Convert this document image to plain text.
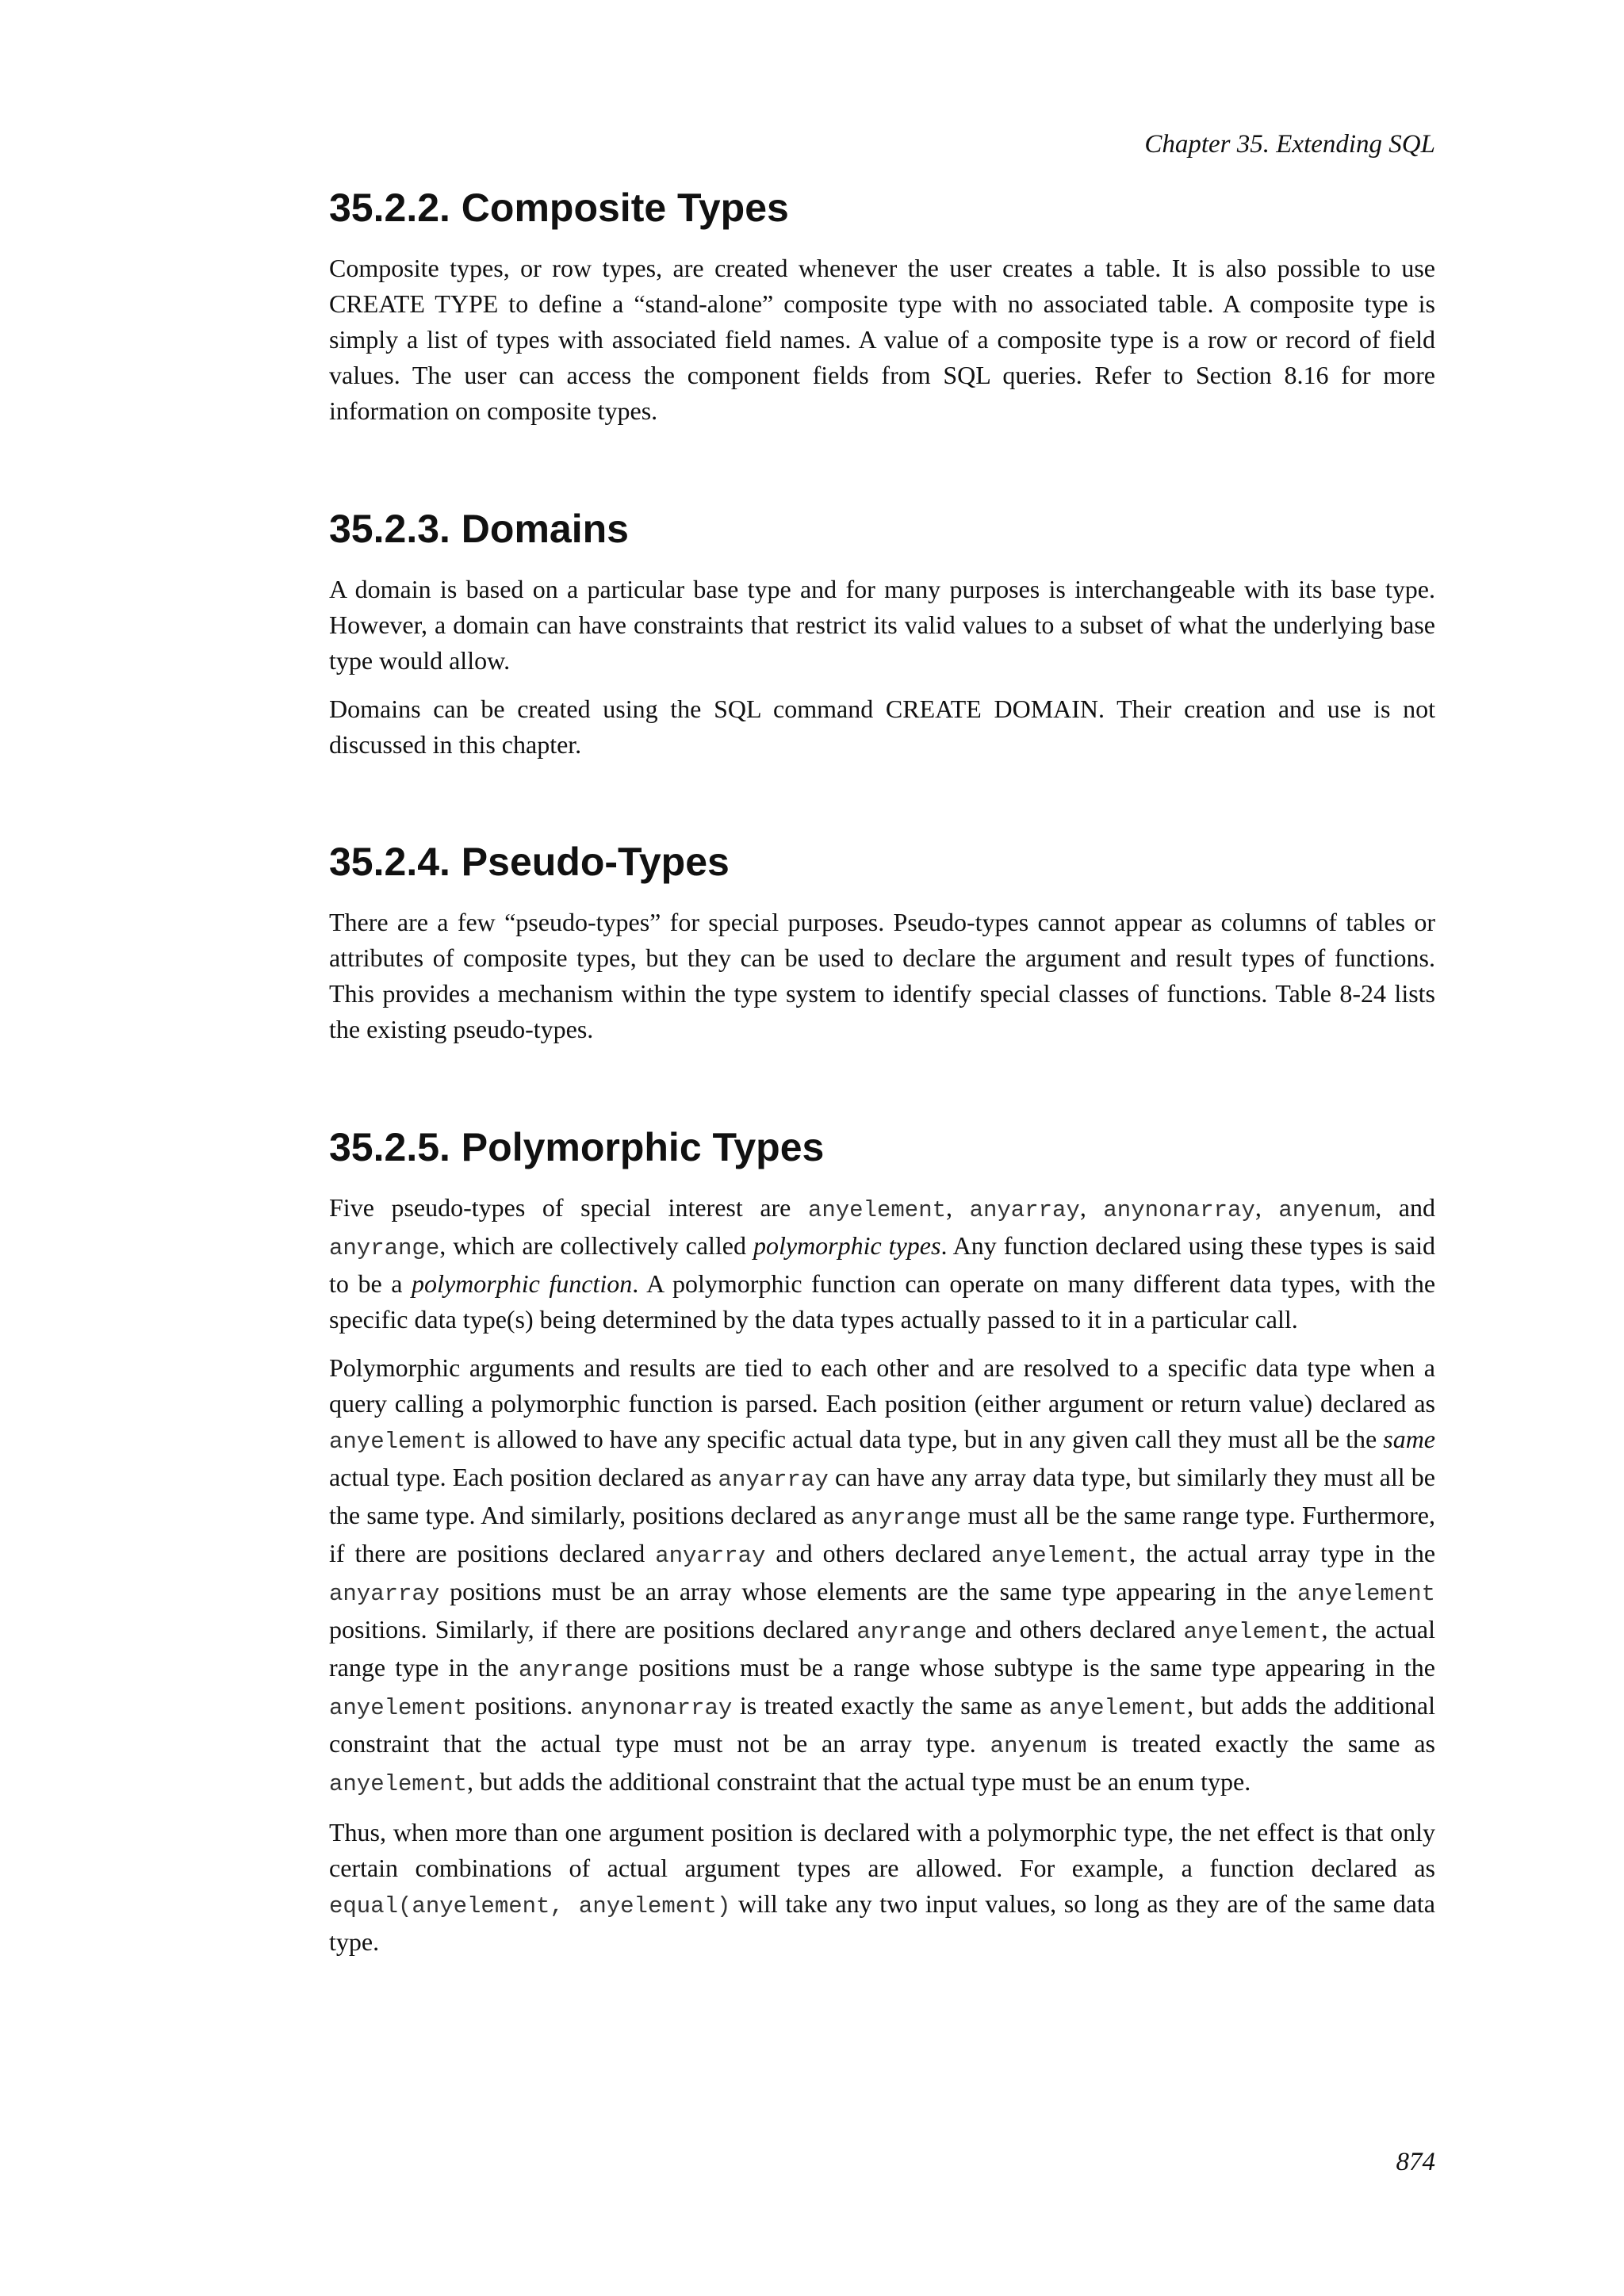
Chapter 35. Extending SQL
35.2.2. Composite Types

Composite types, or row types, are created whenever the user creates a table. It is also possible to use CREATE TYPE to define a “stand-alone” composite type with no associated table. A composite type is simply a list of types with associated field names. A value of a composite type is a row or record of field values. The user can access the component fields from SQL queries. Refer to Section 8.16 for more information on composite types.

35.2.3. Domains

A domain is based on a particular base type and for many purposes is interchangeable with its base type. However, a domain can have constraints that restrict its valid values to a subset of what the underlying base type would allow.

Domains can be created using the SQL command CREATE DOMAIN. Their creation and use is not discussed in this chapter.

35.2.4. Pseudo-Types

There are a few “pseudo-types” for special purposes. Pseudo-types cannot appear as columns of tables or attributes of composite types, but they can be used to declare the argument and result types of functions. This provides a mechanism within the type system to identify special classes of functions. Table 8-24 lists the existing pseudo-types.

35.2.5. Polymorphic Types

Five pseudo-types of special interest are anyelement, anyarray, anynonarray, anyenum, and anyrange, which are collectively called polymorphic types. Any function declared using these types is said to be a polymorphic function. A polymorphic function can operate on many different data types, with the specific data type(s) being determined by the data types actually passed to it in a particular call.

Polymorphic arguments and results are tied to each other and are resolved to a specific data type when a query calling a polymorphic function is parsed. Each position (either argument or return value) declared as anyelement is allowed to have any specific actual data type, but in any given call they must all be the same actual type. Each position declared as anyarray can have any array data type, but similarly they must all be the same type. And similarly, positions declared as anyrange must all be the same range type. Furthermore, if there are positions declared anyarray and others declared anyelement, the actual array type in the anyarray positions must be an array whose elements are the same type appearing in the anyelement positions. Similarly, if there are positions declared anyrange and others declared anyelement, the actual range type in the anyrange positions must be a range whose subtype is the same type appearing in the anyelement positions. anynonarray is treated exactly the same as anyelement, but adds the additional constraint that the actual type must not be an array type. anyenum is treated exactly the same as anyelement, but adds the additional constraint that the actual type must be an enum type.

Thus, when more than one argument position is declared with a polymorphic type, the net effect is that only certain combinations of actual argument types are allowed. For example, a function declared as equal(anyelement, anyelement) will take any two input values, so long as they are of the same data type.

874
